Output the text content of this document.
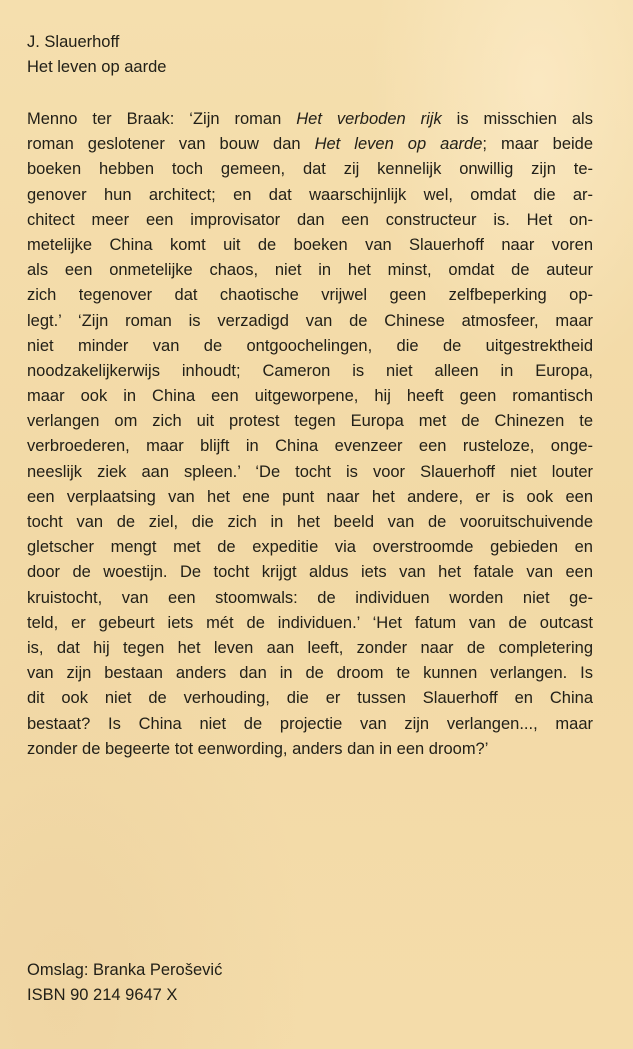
J. Slauerhoff
Het leven op aarde
Menno ter Braak: ‘Zijn roman Het verboden rijk is misschien als
roman geslotener van bouw dan Het leven op aarde; maar beide
boeken hebben toch gemeen, dat zij kennelijk onwillig zijn te-
genover hun architect; en dat waarschijnlijk wel, omdat die ar-
chitect meer een improvisator dan een constructeur is. Het on-
metelijke China komt uit de boeken van Slauerhoff naar voren
als een onmetelijke chaos, niet in het minst, omdat de auteur
zich tegenover dat chaotische vrijwel geen zelfbeperking op-
legt.’ ‘Zijn roman is verzadigd van de Chinese atmosfeer, maar
niet minder van de ontgoochelingen, die de uitgestrektheid
noodzakelijkerwijs inhoudt; Cameron is niet alleen in Europa,
maar ook in China een uitgeworpene, hij heeft geen romantisch
verlangen om zich uit protest tegen Europa met de Chinezen te
verbroederen, maar blijft in China evenzeer een rusteloze, onge-
neeslijk ziek aan spleen.’ ‘De tocht is voor Slauerhoff niet louter
een verplaatsing van het ene punt naar het andere, er is ook een
tocht van de ziel, die zich in het beeld van de vooruitschuivende
gletscher mengt met de expeditie via overstroomde gebieden en
door de woestijn. De tocht krijgt aldus iets van het fatale van een
kruistocht, van een stoomwals: de individuen worden niet ge-
teld, er gebeurt iets mét de individuen.’ ‘Het fatum van de outcast
is, dat hij tegen het leven aan leeft, zonder naar de completering
van zijn bestaan anders dan in de droom te kunnen verlangen. Is
dit ook niet de verhouding, die er tussen Slauerhoff en China
bestaat? Is China niet de projectie van zijn verlangen..., maar
zonder de begeerte tot eenwording, anders dan in een droom?’
Omslag: Branka Perošević
ISBN 90 214 9647 X
